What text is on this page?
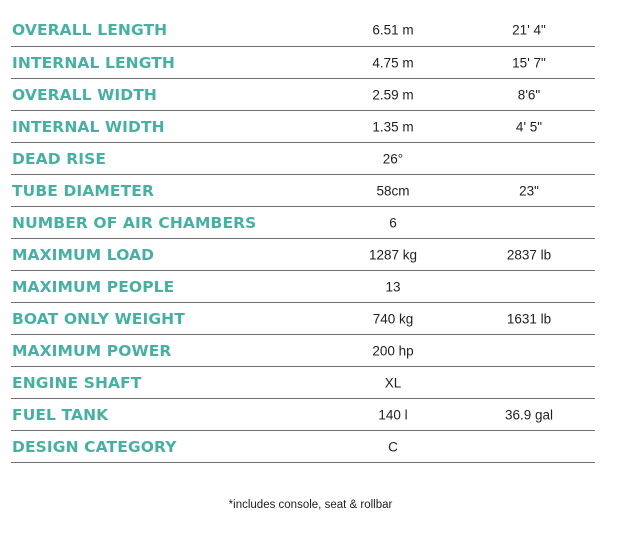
OVERALL LENGTH	6.51 m	21' 4"
INTERNAL LENGTH	4.75 m	15' 7"
OVERALL WIDTH	2.59 m	8'6"
INTERNAL WIDTH	1.35 m	4' 5"
DEAD RISE	26°
TUBE DIAMETER	58cm	23"
NUMBER OF AIR CHAMBERS	6
MAXIMUM LOAD	1287 kg	2837 lb
MAXIMUM PEOPLE	13
BOAT ONLY WEIGHT	740 kg	1631 lb
MAXIMUM POWER	200 hp
ENGINE SHAFT	XL
FUEL TANK	140 l	36.9 gal
DESIGN CATEGORY	C
*includes console, seat & rollbar
